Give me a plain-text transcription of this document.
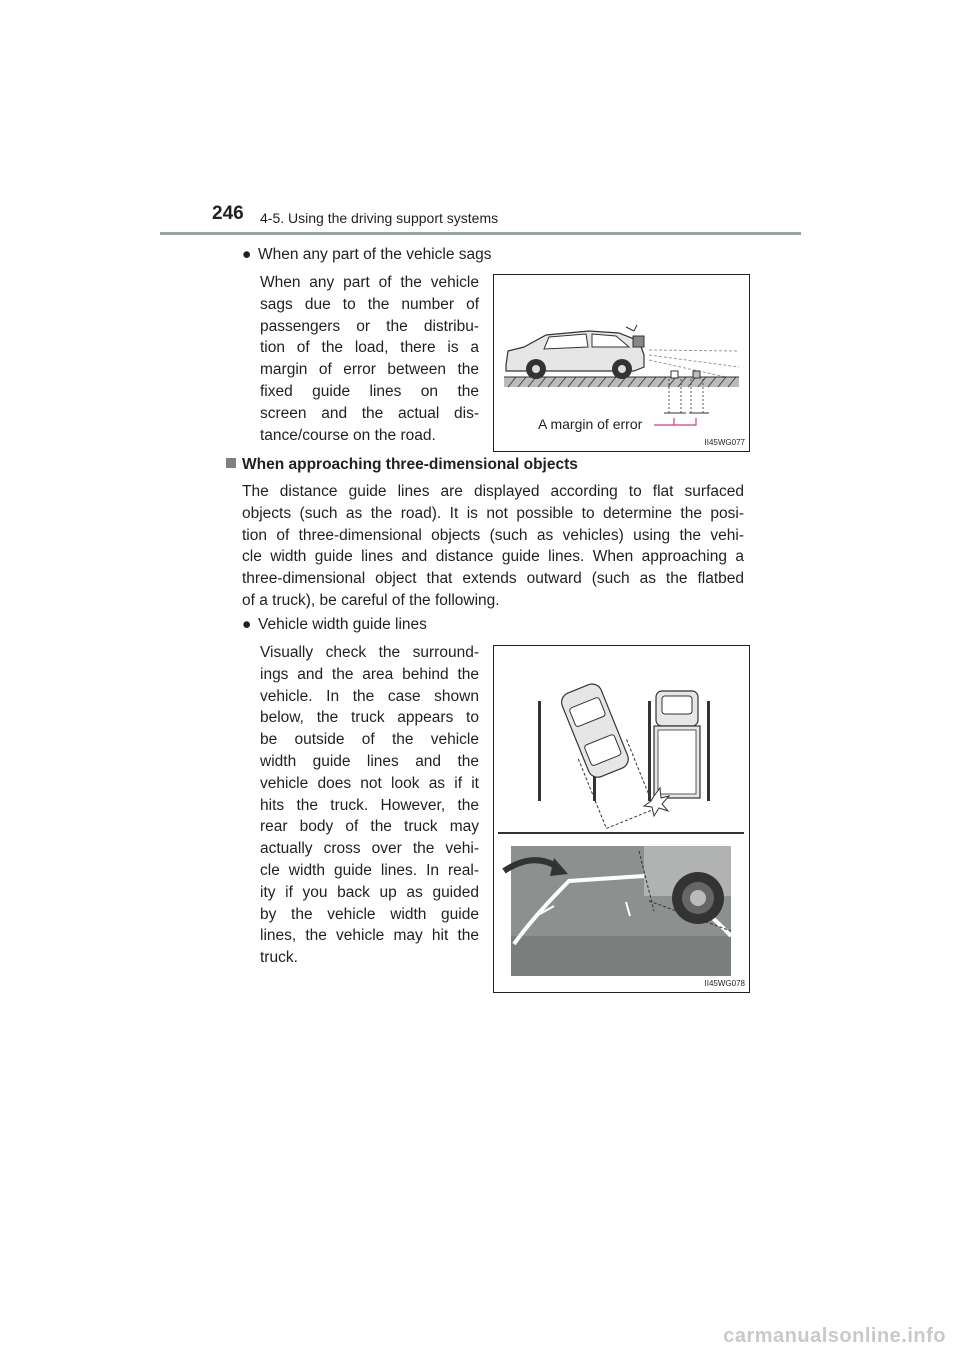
246 4-5. Using the driving support systems
● When any part of the vehicle sags
When any part of the vehicle
sags due to the number of
passengers or the distribu-
tion of the load, there is a
margin of error between the
fixed guide lines on the
screen and the actual dis-
tance/course on the road.
A margin of error
II45WG077
When approaching three-dimensional objects
The distance guide lines are displayed according to flat surfaced
objects (such as the road). It is not possible to determine the posi-
tion of three-dimensional objects (such as vehicles) using the vehi-
cle width guide lines and distance guide lines. When approaching a
three-dimensional object that extends outward (such as the flatbed
of a truck), be careful of the following.
● Vehicle width guide lines
Visually check the surround-
ings and the area behind the
vehicle. In the case shown
below, the truck appears to
be outside of the vehicle
width guide lines and the
vehicle does not look as if it
hits the truck. However, the
rear body of the truck may
actually cross over the vehi-
cle width guide lines. In real-
ity if you back up as guided
by the vehicle width guide
lines, the vehicle may hit the
truck.
II45WG078
carmanualsonline.info
